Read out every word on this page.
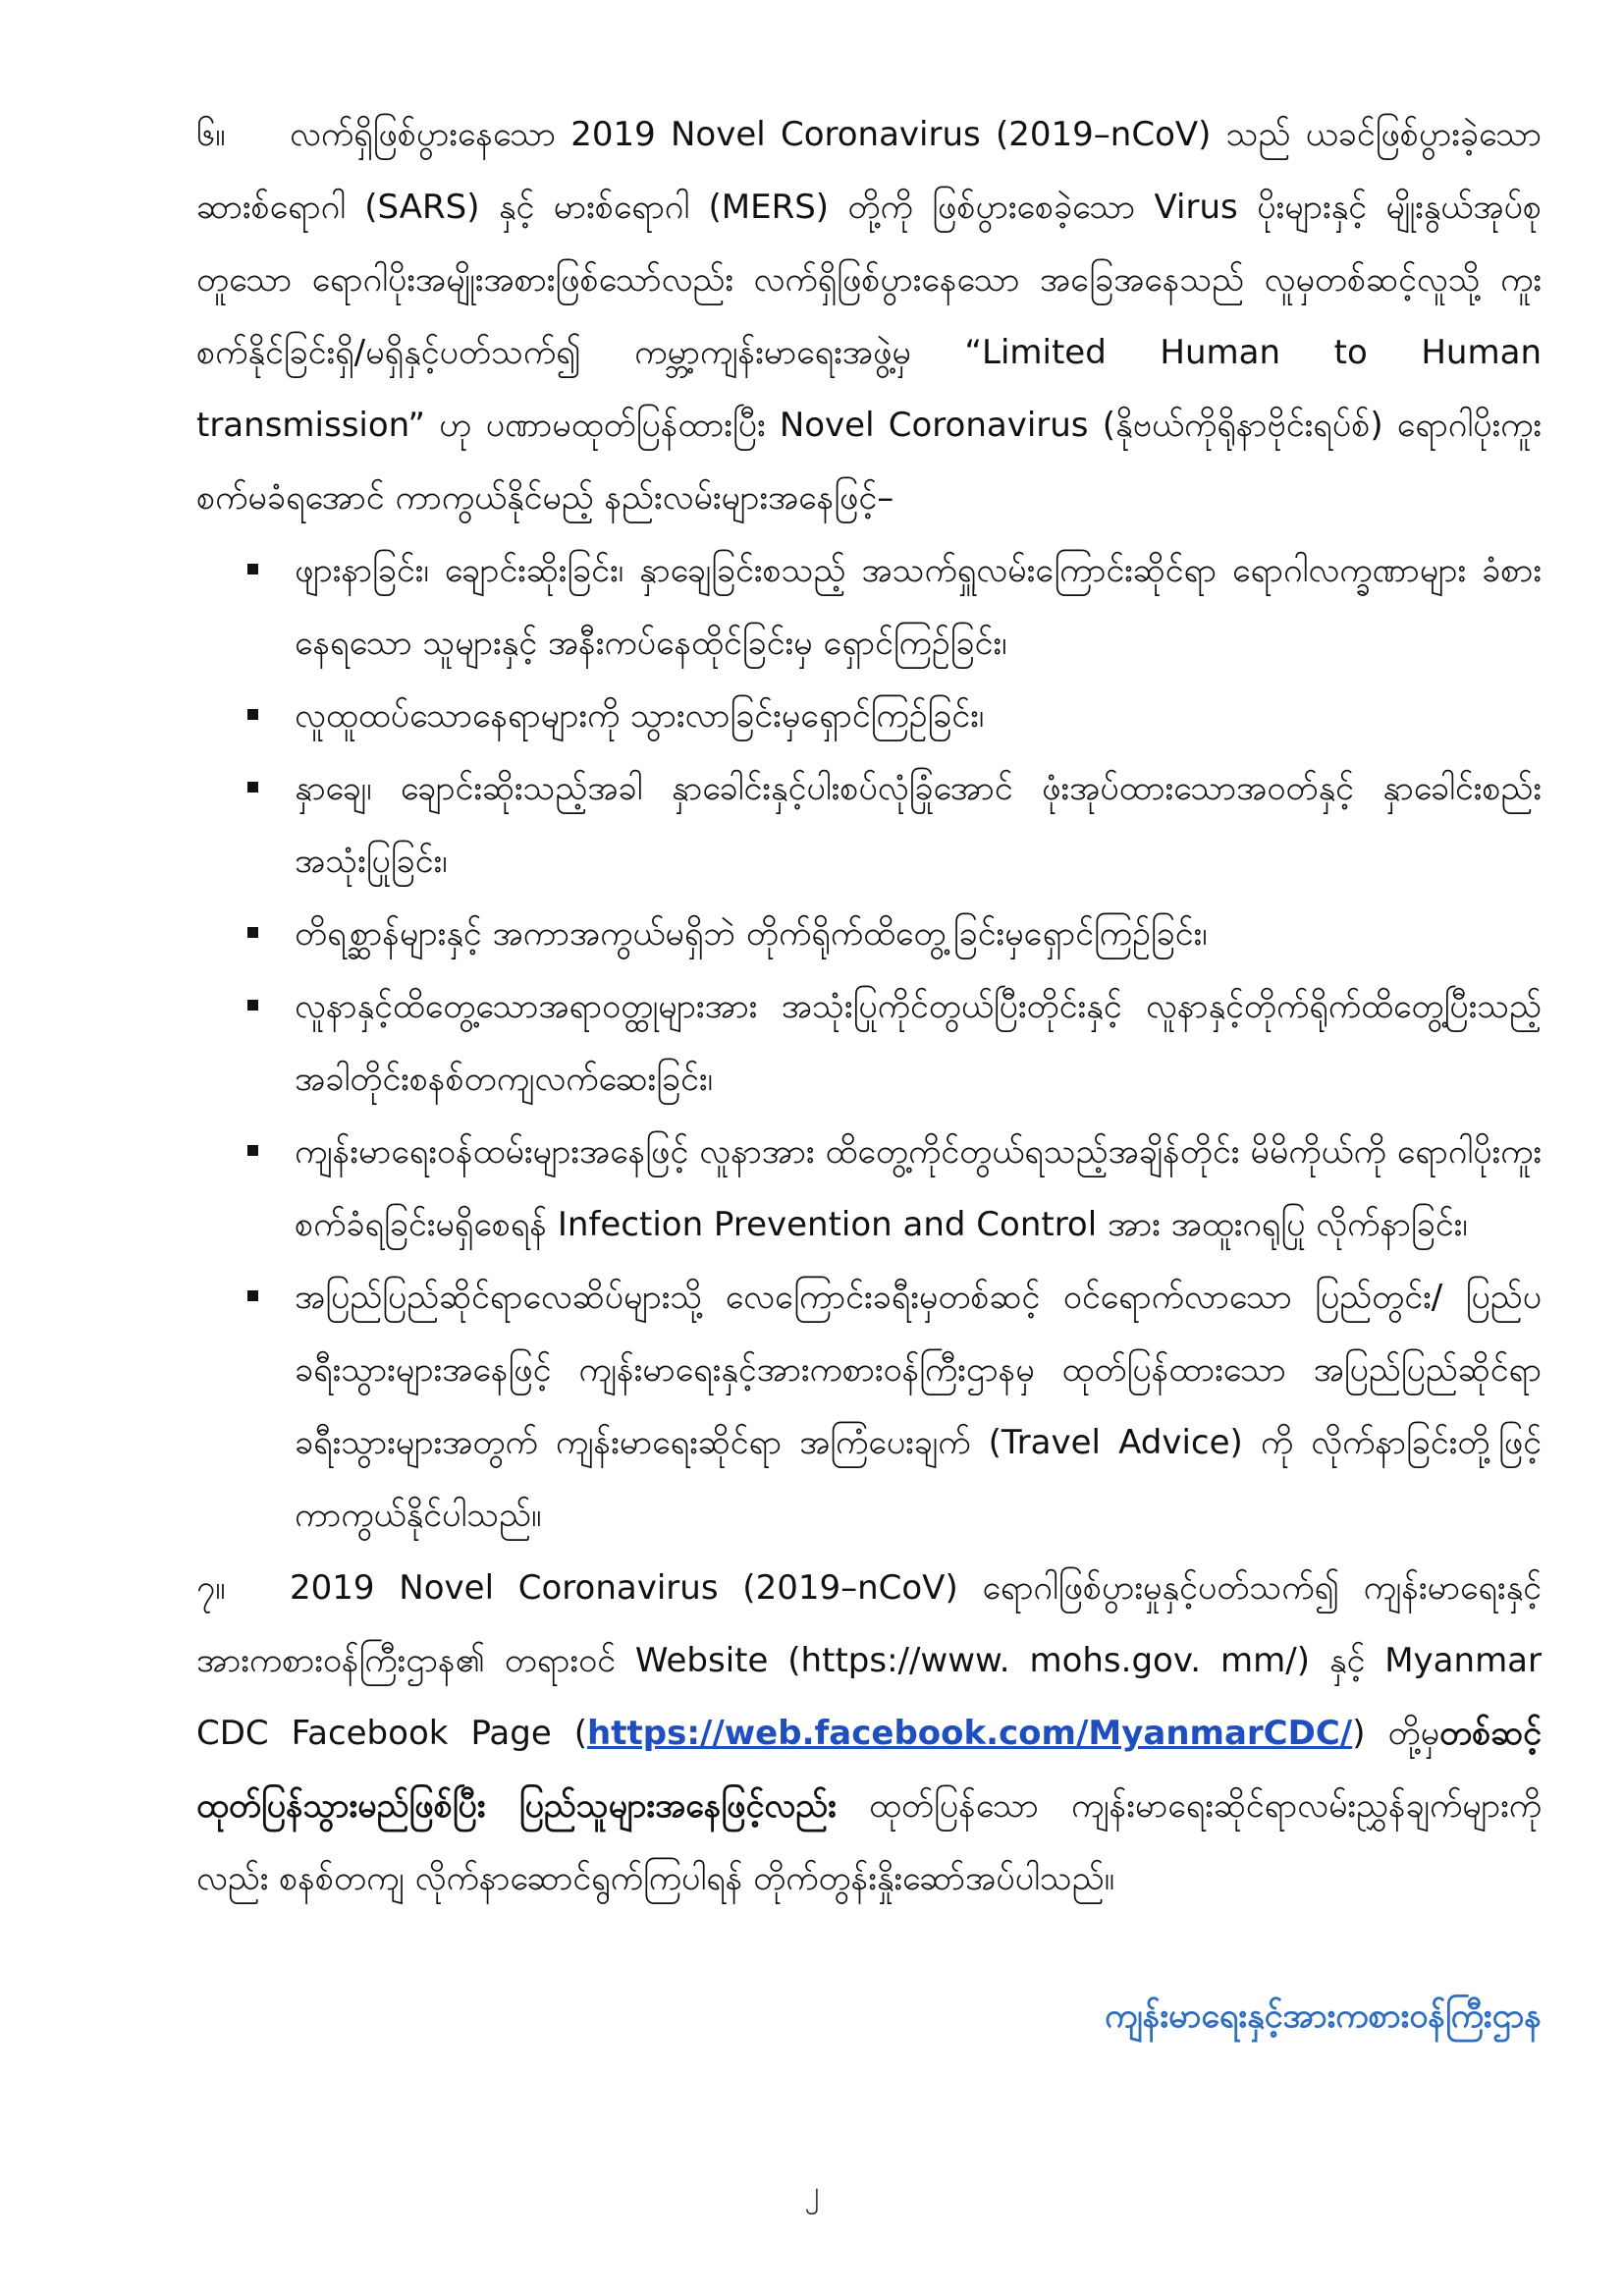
၆။ လက်ရှိဖြစ်ပွားနေသော 2019 Novel Coronavirus (2019–nCoV) သည် ယခင်ဖြစ်ပွားခဲ့သော ဆားစ်ရောဂါ (SARS) နှင့် မားစ်ရောဂါ (MERS) တို့ကို ဖြစ်ပွားစေခဲ့သော Virus ပိုးများနှင့် မျိုးနွယ်အုပ်စုတူသော ရောဂါပိုးအမျိုးအစားဖြစ်သော်လည်း လက်ရှိဖြစ်ပွားနေသော အခြေအနေသည် လူမှတစ်ဆင့်လူသို့ ကူးစက်နိုင်ခြင်းရှိ/မရှိနှင့်ပတ်သက်၍ ကမ္ဘာ့ကျန်းမာရေးအဖွဲ့မှ “Limited Human to Human transmission” ဟု ပဏာမထုတ်ပြန်ထားပြီး Novel Coronavirus (နိုဗယ်ကိုရိုနာဗိုင်းရပ်စ်) ရောဂါပိုးကူးစက်မခံရအောင် ကာကွယ်နိုင်မည့် နည်းလမ်းများအနေဖြင့်–

ဖျားနာခြင်း၊ ချောင်းဆိုးခြင်း၊ နှာချေခြင်းစသည့် အသက်ရှူလမ်းကြောင်းဆိုင်ရာ ရောဂါလက္ခဏာများ ခံစားနေရသော သူများနှင့် အနီးကပ်နေထိုင်ခြင်းမှ ရှောင်ကြဉ်ခြင်း၊
လူထူထပ်သောနေရာများကို သွားလာခြင်းမှရှောင်ကြဉ်ခြင်း၊
နှာချေ၊ ချောင်းဆိုးသည့်အခါ နှာခေါင်းနှင့်ပါးစပ်လုံခြုံအောင် ဖုံးအုပ်ထားသောအဝတ်နှင့် နှာခေါင်းစည်း အသုံးပြုခြင်း၊
တိရစ္ဆာန်များနှင့် အကာအကွယ်မရှိဘဲ တိုက်ရိုက်ထိတွေ့ခြင်းမှရှောင်ကြဉ်ခြင်း၊
လူနာနှင့်ထိတွေ့သောအရာဝတ္ထုများအား အသုံးပြုကိုင်တွယ်ပြီးတိုင်းနှင့် လူနာနှင့်တိုက်ရိုက်ထိတွေ့ပြီးသည့်အခါတိုင်းစနစ်တကျလက်ဆေးခြင်း၊
ကျန်းမာရေးဝန်ထမ်းများအနေဖြင့် လူနာအား ထိတွေ့ကိုင်တွယ်ရသည့်အချိန်တိုင်း မိမိကိုယ်ကို ရောဂါပိုးကူးစက်ခံရခြင်းမရှိစေရန် Infection Prevention and Control အား အထူးဂရုပြု လိုက်နာခြင်း၊
အပြည်ပြည်ဆိုင်ရာလေဆိပ်များသို့ လေကြောင်းခရီးမှတစ်ဆင့် ဝင်ရောက်လာသော ပြည်တွင်း/ ပြည်ပခရီးသွားများအနေဖြင့် ကျန်းမာရေးနှင့်အားကစားဝန်ကြီးဌာနမှ ထုတ်ပြန်ထားသော အပြည်ပြည်ဆိုင်ရာခရီးသွားများအတွက် ကျန်းမာရေးဆိုင်ရာ အကြံပေးချက် (Travel Advice) ကို လိုက်နာခြင်းတို့ဖြင့် ကာကွယ်နိုင်ပါသည်။

၇။ 2019 Novel Coronavirus (2019–nCoV) ရောဂါဖြစ်ပွားမှုနှင့်ပတ်သက်၍ ကျန်းမာရေးနှင့်အားကစားဝန်ကြီးဌာန၏ တရားဝင် Website (https://www. mohs.gov. mm/) နှင့် Myanmar CDC Facebook Page (https://web.facebook.com/MyanmarCDC/) တို့မှတစ်ဆင့် ထုတ်ပြန်သွားမည်ဖြစ်ပြီး ပြည်သူများအနေဖြင့်လည်း ထုတ်ပြန်သော ကျန်းမာရေးဆိုင်ရာလမ်းညွှန်ချက်များကိုလည်း စနစ်တကျ လိုက်နာဆောင်ရွက်ကြပါရန် တိုက်တွန်းနှိုးဆော်အပ်ပါသည်။

ကျန်းမာရေးနှင့်အားကစားဝန်ကြီးဌာန
၂
